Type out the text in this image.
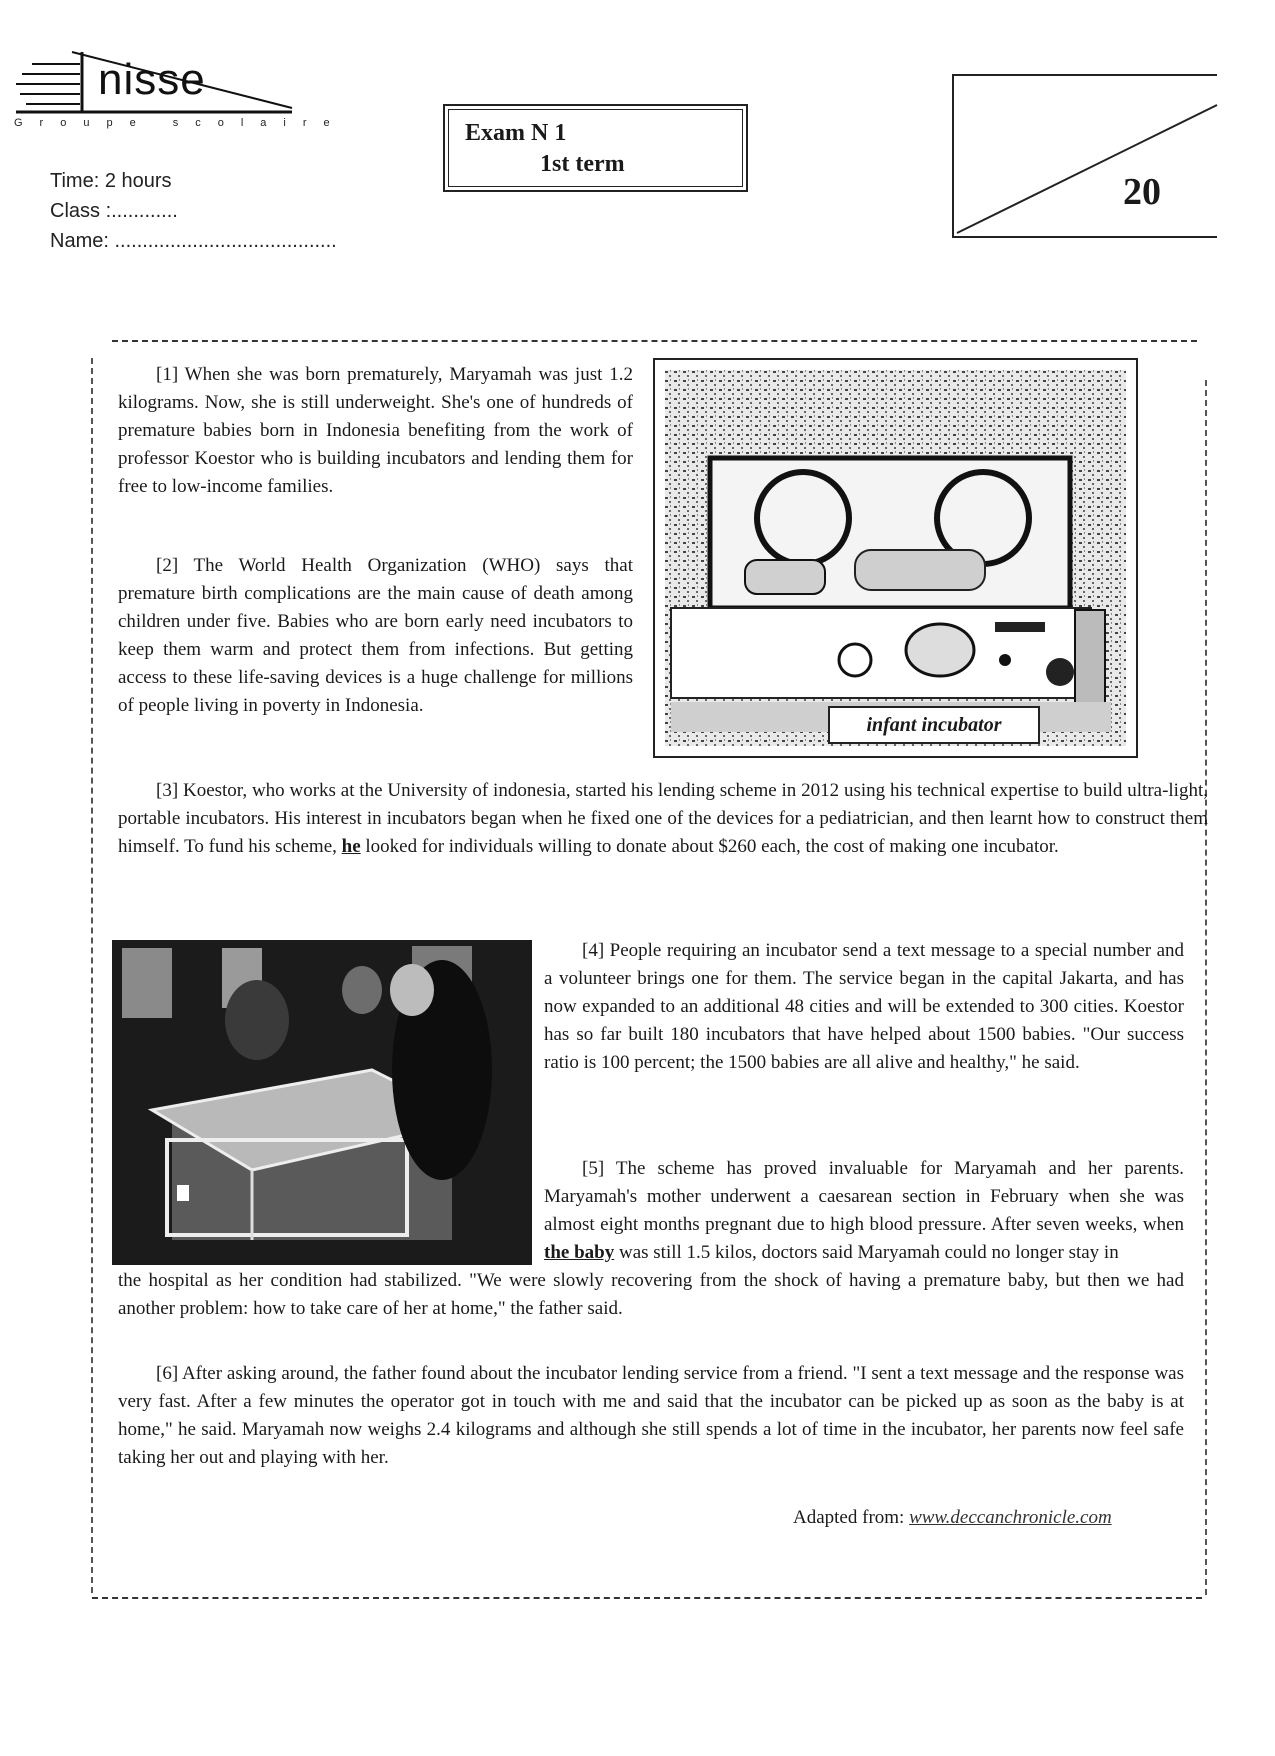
nisse
Groupe scolaire
Time: 2 hours
Class :............
Name: ........................................
Exam N 1
1st term
20

[1] When she was born prematurely, Maryamah was just 1.2 kilograms. Now, she is still underweight. She's one of hundreds of premature babies born in Indonesia benefiting from the work of professor Koestor who is building incubators and lending them for free to low-income families.

[2] The World Health Organization (WHO) says that premature birth complications are the main cause of death among children under five. Babies who are born early need incubators to keep them warm and protect them from infections. But getting access to these life-saving devices is a huge challenge for millions of people living in poverty in Indonesia.

infant incubator

[3] Koestor, who works at the University of indonesia, started his lending scheme in 2012 using his technical expertise to build ultra-light, portable incubators. His interest in incubators began when he fixed one of the devices for a pediatrician, and then learnt how to construct them himself. To fund his scheme, he looked for individuals willing to donate about $260 each, the cost of making one incubator.

[4] People requiring an incubator send a text message to a special number and a volunteer brings one for them. The service began in the capital Jakarta, and has now expanded to an additional 48 cities and will be extended to 300 cities. Koestor has so far built 180 incubators that have helped about 1500 babies. "Our success ratio is 100 percent; the 1500 babies are all alive and healthy," he said.

[5] The scheme has proved invaluable for Maryamah and her parents. Maryamah's mother underwent a caesarean section in February when she was almost eight months pregnant due to high blood pressure. After seven weeks, when the baby was still 1.5 kilos, doctors said Maryamah could no longer stay in

the hospital as her condition had stabilized. "We were slowly recovering from the shock of having a premature baby, but then we had another problem: how to take care of her at home," the father said.

[6] After asking around, the father found about the incubator lending service from a friend. "I sent a text message and the response was very fast. After a few minutes the operator got in touch with me and said that the incubator can be picked up as soon as the baby is at home," he said. Maryamah now weighs 2.4 kilograms and although she still spends a lot of time in the incubator, her parents now feel safe taking her out and playing with her.

Adapted from: www.deccanchronicle.com
